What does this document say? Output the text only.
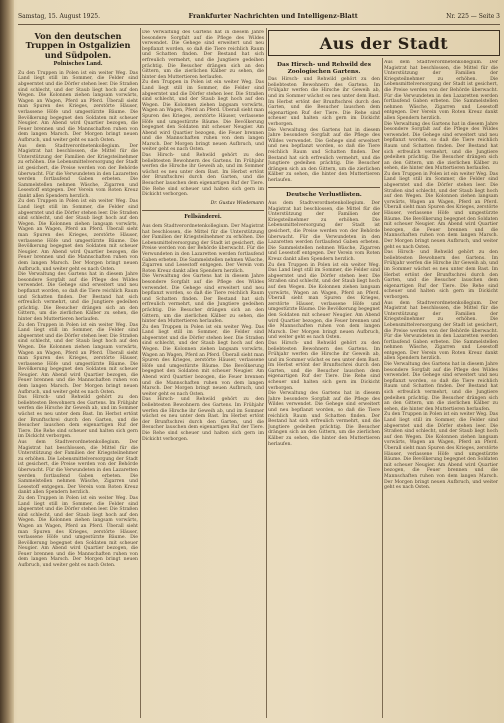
Samstag, 15. August 1925.	Frankfurter Nachrichten und Intelligenz-Blatt	Nr. 225 — Seite 3
Von den deutschen Truppen in Ostgalizien und Südpolen.
Polnisches Land.
Zu den Truppen in Polen ist ein weiter Weg. Das Land liegt still im Sommer, die Felder sind abgeerntet und die Dörfer stehen leer. Die Straßen sind schlecht, und der Staub liegt hoch auf den Wegen. Die Kolonnen ziehen langsam vorwärts, Wagen an Wagen, Pferd an Pferd. Überall sieht man Spuren des Krieges, zerstörte Häuser, verlassene Höfe und umgestürzte Bäume. Die Bevölkerung begegnet den Soldaten mit scheuer Neugier. Am Abend wird Quartier bezogen, die Feuer brennen und die Mannschaften ruhen von dem langen Marsch. Der Morgen bringt neuen Aufbruch, und weiter geht es nach Osten.
Aus dem Stadtverordnetenkollegium. Der Magistrat hat beschlossen, die Mittel für die Unterstützung der Familien der Kriegsteilnehmer zu erhöhen. Die Lebensmittelversorgung der Stadt ist gesichert, die Preise werden von der Behörde überwacht. Für die Verwundeten in den Lazaretten werden fortlaufend Gaben erbeten. Die Sammelstellen nehmen Wäsche, Zigarren und Lesestoff entgegen. Der Verein vom Roten Kreuz dankt allen Spendern herzlich.
Zu den Truppen in Polen ist ein weiter Weg. Das Land liegt still im Sommer, die Felder sind abgeerntet und die Dörfer stehen leer. Die Straßen sind schlecht, und der Staub liegt hoch auf den Wegen. Die Kolonnen ziehen langsam vorwärts, Wagen an Wagen, Pferd an Pferd. Überall sieht man Spuren des Krieges, zerstörte Häuser, verlassene Höfe und umgestürzte Bäume. Die Bevölkerung begegnet den Soldaten mit scheuer Neugier. Am Abend wird Quartier bezogen, die Feuer brennen und die Mannschaften ruhen von dem langen Marsch. Der Morgen bringt neuen Aufbruch, und weiter geht es nach Osten.
Die Verwaltung des Gartens hat in diesem Jahre besondere Sorgfalt auf die Pflege des Wildes verwendet. Die Gehege sind erweitert und neu bepflanzt worden, so daß die Tiere reichlich Raum und Schatten finden. Der Bestand hat sich erfreulich vermehrt, und die Jungtiere gedeihen prächtig. Die Besucher drängen sich an den Gittern, um die zierlichen Kälber zu sehen, die hinter den Muttertieren herlaufen.
Zu den Truppen in Polen ist ein weiter Weg. Das Land liegt still im Sommer, die Felder sind abgeerntet und die Dörfer stehen leer. Die Straßen sind schlecht, und der Staub liegt hoch auf den Wegen. Die Kolonnen ziehen langsam vorwärts, Wagen an Wagen, Pferd an Pferd. Überall sieht man Spuren des Krieges, zerstörte Häuser, verlassene Höfe und umgestürzte Bäume. Die Bevölkerung begegnet den Soldaten mit scheuer Neugier. Am Abend wird Quartier bezogen, die Feuer brennen und die Mannschaften ruhen von dem langen Marsch. Der Morgen bringt neuen Aufbruch, und weiter geht es nach Osten.
Das Hirsch- und Rehwild gehört zu den beliebtesten Bewohnern des Gartens. Im Frühjahr werfen die Hirsche ihr Geweih ab, und im Sommer wächst es neu unter dem Bast. Im Herbst ertönt der Brunftschrei durch den Garten, und die Besucher lauschen dem eigenartigen Ruf der Tiere. Die Rehe sind scheuer und halten sich gern im Dickicht verborgen.
Aus dem Stadtverordnetenkollegium. Der Magistrat hat beschlossen, die Mittel für die Unterstützung der Familien der Kriegsteilnehmer zu erhöhen. Die Lebensmittelversorgung der Stadt ist gesichert, die Preise werden von der Behörde überwacht. Für die Verwundeten in den Lazaretten werden fortlaufend Gaben erbeten. Die Sammelstellen nehmen Wäsche, Zigarren und Lesestoff entgegen. Der Verein vom Roten Kreuz dankt allen Spendern herzlich.
Zu den Truppen in Polen ist ein weiter Weg. Das Land liegt still im Sommer, die Felder sind abgeerntet und die Dörfer stehen leer. Die Straßen sind schlecht, und der Staub liegt hoch auf den Wegen. Die Kolonnen ziehen langsam vorwärts, Wagen an Wagen, Pferd an Pferd. Überall sieht man Spuren des Krieges, zerstörte Häuser, verlassene Höfe und umgestürzte Bäume. Die Bevölkerung begegnet den Soldaten mit scheuer Neugier. Am Abend wird Quartier bezogen, die Feuer brennen und die Mannschaften ruhen von dem langen Marsch. Der Morgen bringt neuen Aufbruch, und weiter geht es nach Osten.
Die Verwaltung des Gartens hat in diesem Jahre besondere Sorgfalt auf die Pflege des Wildes verwendet. Die Gehege sind erweitert und neu bepflanzt worden, so daß die Tiere reichlich Raum und Schatten finden. Der Bestand hat sich erfreulich vermehrt, und die Jungtiere gedeihen prächtig. Die Besucher drängen sich an den Gittern, um die zierlichen Kälber zu sehen, die hinter den Muttertieren herlaufen.
Zu den Truppen in Polen ist ein weiter Weg. Das Land liegt still im Sommer, die Felder sind abgeerntet und die Dörfer stehen leer. Die Straßen sind schlecht, und der Staub liegt hoch auf den Wegen. Die Kolonnen ziehen langsam vorwärts, Wagen an Wagen, Pferd an Pferd. Überall sieht man Spuren des Krieges, zerstörte Häuser, verlassene Höfe und umgestürzte Bäume. Die Bevölkerung begegnet den Soldaten mit scheuer Neugier. Am Abend wird Quartier bezogen, die Feuer brennen und die Mannschaften ruhen von dem langen Marsch. Der Morgen bringt neuen Aufbruch, und weiter geht es nach Osten.
Das Hirsch- und Rehwild gehört zu den beliebtesten Bewohnern des Gartens. Im Frühjahr werfen die Hirsche ihr Geweih ab, und im Sommer wächst es neu unter dem Bast. Im Herbst ertönt der Brunftschrei durch den Garten, und die Besucher lauschen dem eigenartigen Ruf der Tiere. Die Rehe sind scheuer und halten sich gern im Dickicht verborgen.
Dr. Gustav Wiedemann
Fellsänderei.
Aus dem Stadtverordnetenkollegium. Der Magistrat hat beschlossen, die Mittel für die Unterstützung der Familien der Kriegsteilnehmer zu erhöhen. Die Lebensmittelversorgung der Stadt ist gesichert, die Preise werden von der Behörde überwacht. Für die Verwundeten in den Lazaretten werden fortlaufend Gaben erbeten. Die Sammelstellen nehmen Wäsche, Zigarren und Lesestoff entgegen. Der Verein vom Roten Kreuz dankt allen Spendern herzlich.
Die Verwaltung des Gartens hat in diesem Jahre besondere Sorgfalt auf die Pflege des Wildes verwendet. Die Gehege sind erweitert und neu bepflanzt worden, so daß die Tiere reichlich Raum und Schatten finden. Der Bestand hat sich erfreulich vermehrt, und die Jungtiere gedeihen prächtig. Die Besucher drängen sich an den Gittern, um die zierlichen Kälber zu sehen, die hinter den Muttertieren herlaufen.
Zu den Truppen in Polen ist ein weiter Weg. Das Land liegt still im Sommer, die Felder sind abgeerntet und die Dörfer stehen leer. Die Straßen sind schlecht, und der Staub liegt hoch auf den Wegen. Die Kolonnen ziehen langsam vorwärts, Wagen an Wagen, Pferd an Pferd. Überall sieht man Spuren des Krieges, zerstörte Häuser, verlassene Höfe und umgestürzte Bäume. Die Bevölkerung begegnet den Soldaten mit scheuer Neugier. Am Abend wird Quartier bezogen, die Feuer brennen und die Mannschaften ruhen von dem langen Marsch. Der Morgen bringt neuen Aufbruch, und weiter geht es nach Osten.
Das Hirsch- und Rehwild gehört zu den beliebtesten Bewohnern des Gartens. Im Frühjahr werfen die Hirsche ihr Geweih ab, und im Sommer wächst es neu unter dem Bast. Im Herbst ertönt der Brunftschrei durch den Garten, und die Besucher lauschen dem eigenartigen Ruf der Tiere. Die Rehe sind scheuer und halten sich gern im Dickicht verborgen.
Aus der Stadt
Das Hirsch- und Rehwild des Zoologischen Gartens.
Das Hirsch- und Rehwild gehört zu den beliebtesten Bewohnern des Gartens. Im Frühjahr werfen die Hirsche ihr Geweih ab, und im Sommer wächst es neu unter dem Bast. Im Herbst ertönt der Brunftschrei durch den Garten, und die Besucher lauschen dem eigenartigen Ruf der Tiere. Die Rehe sind scheuer und halten sich gern im Dickicht verborgen.
Die Verwaltung des Gartens hat in diesem Jahre besondere Sorgfalt auf die Pflege des Wildes verwendet. Die Gehege sind erweitert und neu bepflanzt worden, so daß die Tiere reichlich Raum und Schatten finden. Der Bestand hat sich erfreulich vermehrt, und die Jungtiere gedeihen prächtig. Die Besucher drängen sich an den Gittern, um die zierlichen Kälber zu sehen, die hinter den Muttertieren herlaufen.
Deutsche Verlustlisten.
Aus dem Stadtverordnetenkollegium. Der Magistrat hat beschlossen, die Mittel für die Unterstützung der Familien der Kriegsteilnehmer zu erhöhen. Die Lebensmittelversorgung der Stadt ist gesichert, die Preise werden von der Behörde überwacht. Für die Verwundeten in den Lazaretten werden fortlaufend Gaben erbeten. Die Sammelstellen nehmen Wäsche, Zigarren und Lesestoff entgegen. Der Verein vom Roten Kreuz dankt allen Spendern herzlich.
Zu den Truppen in Polen ist ein weiter Weg. Das Land liegt still im Sommer, die Felder sind abgeerntet und die Dörfer stehen leer. Die Straßen sind schlecht, und der Staub liegt hoch auf den Wegen. Die Kolonnen ziehen langsam vorwärts, Wagen an Wagen, Pferd an Pferd. Überall sieht man Spuren des Krieges, zerstörte Häuser, verlassene Höfe und umgestürzte Bäume. Die Bevölkerung begegnet den Soldaten mit scheuer Neugier. Am Abend wird Quartier bezogen, die Feuer brennen und die Mannschaften ruhen von dem langen Marsch. Der Morgen bringt neuen Aufbruch, und weiter geht es nach Osten.
Das Hirsch- und Rehwild gehört zu den beliebtesten Bewohnern des Gartens. Im Frühjahr werfen die Hirsche ihr Geweih ab, und im Sommer wächst es neu unter dem Bast. Im Herbst ertönt der Brunftschrei durch den Garten, und die Besucher lauschen dem eigenartigen Ruf der Tiere. Die Rehe sind scheuer und halten sich gern im Dickicht verborgen.
Die Verwaltung des Gartens hat in diesem Jahre besondere Sorgfalt auf die Pflege des Wildes verwendet. Die Gehege sind erweitert und neu bepflanzt worden, so daß die Tiere reichlich Raum und Schatten finden. Der Bestand hat sich erfreulich vermehrt, und die Jungtiere gedeihen prächtig. Die Besucher drängen sich an den Gittern, um die zierlichen Kälber zu sehen, die hinter den Muttertieren herlaufen.
Aus dem Stadtverordnetenkollegium. Der Magistrat hat beschlossen, die Mittel für die Unterstützung der Familien der Kriegsteilnehmer zu erhöhen. Die Lebensmittelversorgung der Stadt ist gesichert, die Preise werden von der Behörde überwacht. Für die Verwundeten in den Lazaretten werden fortlaufend Gaben erbeten. Die Sammelstellen nehmen Wäsche, Zigarren und Lesestoff entgegen. Der Verein vom Roten Kreuz dankt allen Spendern herzlich.
Die Verwaltung des Gartens hat in diesem Jahre besondere Sorgfalt auf die Pflege des Wildes verwendet. Die Gehege sind erweitert und neu bepflanzt worden, so daß die Tiere reichlich Raum und Schatten finden. Der Bestand hat sich erfreulich vermehrt, und die Jungtiere gedeihen prächtig. Die Besucher drängen sich an den Gittern, um die zierlichen Kälber zu sehen, die hinter den Muttertieren herlaufen.
Zu den Truppen in Polen ist ein weiter Weg. Das Land liegt still im Sommer, die Felder sind abgeerntet und die Dörfer stehen leer. Die Straßen sind schlecht, und der Staub liegt hoch auf den Wegen. Die Kolonnen ziehen langsam vorwärts, Wagen an Wagen, Pferd an Pferd. Überall sieht man Spuren des Krieges, zerstörte Häuser, verlassene Höfe und umgestürzte Bäume. Die Bevölkerung begegnet den Soldaten mit scheuer Neugier. Am Abend wird Quartier bezogen, die Feuer brennen und die Mannschaften ruhen von dem langen Marsch. Der Morgen bringt neuen Aufbruch, und weiter geht es nach Osten.
Das Hirsch- und Rehwild gehört zu den beliebtesten Bewohnern des Gartens. Im Frühjahr werfen die Hirsche ihr Geweih ab, und im Sommer wächst es neu unter dem Bast. Im Herbst ertönt der Brunftschrei durch den Garten, und die Besucher lauschen dem eigenartigen Ruf der Tiere. Die Rehe sind scheuer und halten sich gern im Dickicht verborgen.
Aus dem Stadtverordnetenkollegium. Der Magistrat hat beschlossen, die Mittel für die Unterstützung der Familien der Kriegsteilnehmer zu erhöhen. Die Lebensmittelversorgung der Stadt ist gesichert, die Preise werden von der Behörde überwacht. Für die Verwundeten in den Lazaretten werden fortlaufend Gaben erbeten. Die Sammelstellen nehmen Wäsche, Zigarren und Lesestoff entgegen. Der Verein vom Roten Kreuz dankt allen Spendern herzlich.
Die Verwaltung des Gartens hat in diesem Jahre besondere Sorgfalt auf die Pflege des Wildes verwendet. Die Gehege sind erweitert und neu bepflanzt worden, so daß die Tiere reichlich Raum und Schatten finden. Der Bestand hat sich erfreulich vermehrt, und die Jungtiere gedeihen prächtig. Die Besucher drängen sich an den Gittern, um die zierlichen Kälber zu sehen, die hinter den Muttertieren herlaufen.
Zu den Truppen in Polen ist ein weiter Weg. Das Land liegt still im Sommer, die Felder sind abgeerntet und die Dörfer stehen leer. Die Straßen sind schlecht, und der Staub liegt hoch auf den Wegen. Die Kolonnen ziehen langsam vorwärts, Wagen an Wagen, Pferd an Pferd. Überall sieht man Spuren des Krieges, zerstörte Häuser, verlassene Höfe und umgestürzte Bäume. Die Bevölkerung begegnet den Soldaten mit scheuer Neugier. Am Abend wird Quartier bezogen, die Feuer brennen und die Mannschaften ruhen von dem langen Marsch. Der Morgen bringt neuen Aufbruch, und weiter geht es nach Osten.
